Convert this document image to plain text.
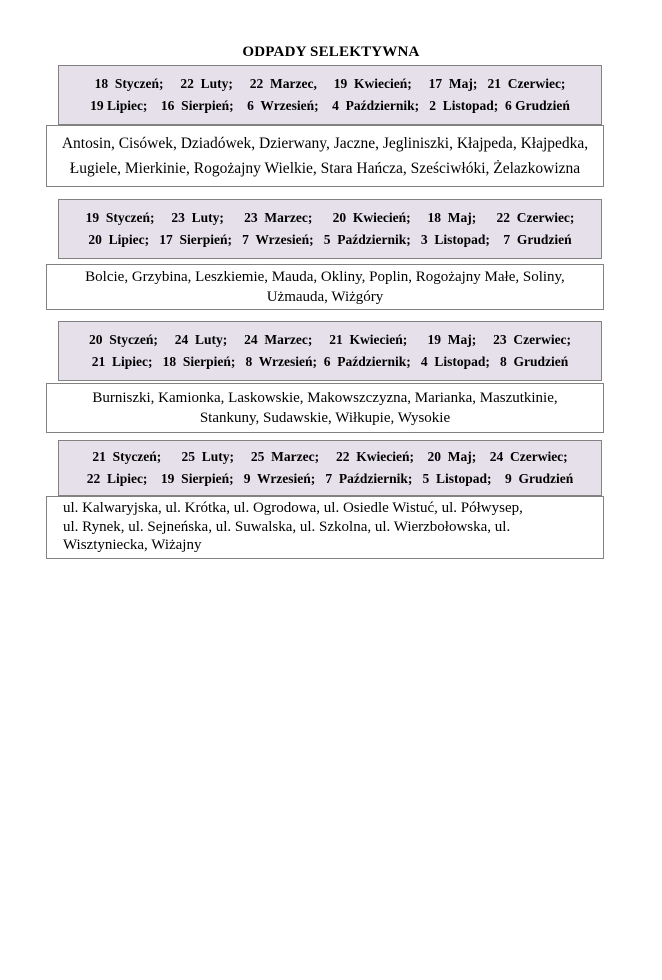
ODPADY SELEKTYWNA
18  Styczeń;     22  Luty;     22  Marzec,     19  Kwiecień;     17  Maj;   21  Czerwiec;
19 Lipiec;    16  Sierpień;    6  Wrzesień;    4  Październik;   2  Listopad;  6 Grudzień
Antosin, Cisówek, Dziadówek, Dzierwany, Jaczne, Jegliniszki, Kłajpeda, Kłajpedka,
Ługiele, Mierkinie, Rogożajny Wielkie, Stara Hańcza, Sześciwłóki, Żelazkowizna
19  Styczeń;     23  Luty;      23  Marzec;      20  Kwiecień;     18  Maj;      22  Czerwiec;
20  Lipiec;   17  Sierpień;   7  Wrzesień;   5  Październik;   3  Listopad;    7  Grudzień
Bolcie, Grzybina, Leszkiemie, Mauda, Okliny, Poplin, Rogożajny Małe, Soliny,
Użmauda, Wiżgóry
20  Styczeń;     24  Luty;     24  Marzec;     21  Kwiecień;      19  Maj;     23  Czerwiec;
21  Lipiec;   18  Sierpień;   8  Wrzesień;  6  Październik;   4  Listopad;   8  Grudzień
Burniszki, Kamionka, Laskowskie, Makowszczyzna, Marianka, Maszutkinie,
Stankuny, Sudawskie, Wiłkupie, Wysokie
21  Styczeń;      25  Luty;     25  Marzec;     22  Kwiecień;    20  Maj;    24  Czerwiec;
22  Lipiec;    19  Sierpień;   9  Wrzesień;   7  Październik;   5  Listopad;    9  Grudzień
ul. Kalwaryjska, ul. Krótka, ul. Ogrodowa, ul. Osiedle Wistuć, ul. Półwysep,
ul. Rynek, ul. Sejneńska, ul. Suwalska, ul. Szkolna, ul. Wierzbołowska, ul.
Wisztyniecka, Wiżajny
